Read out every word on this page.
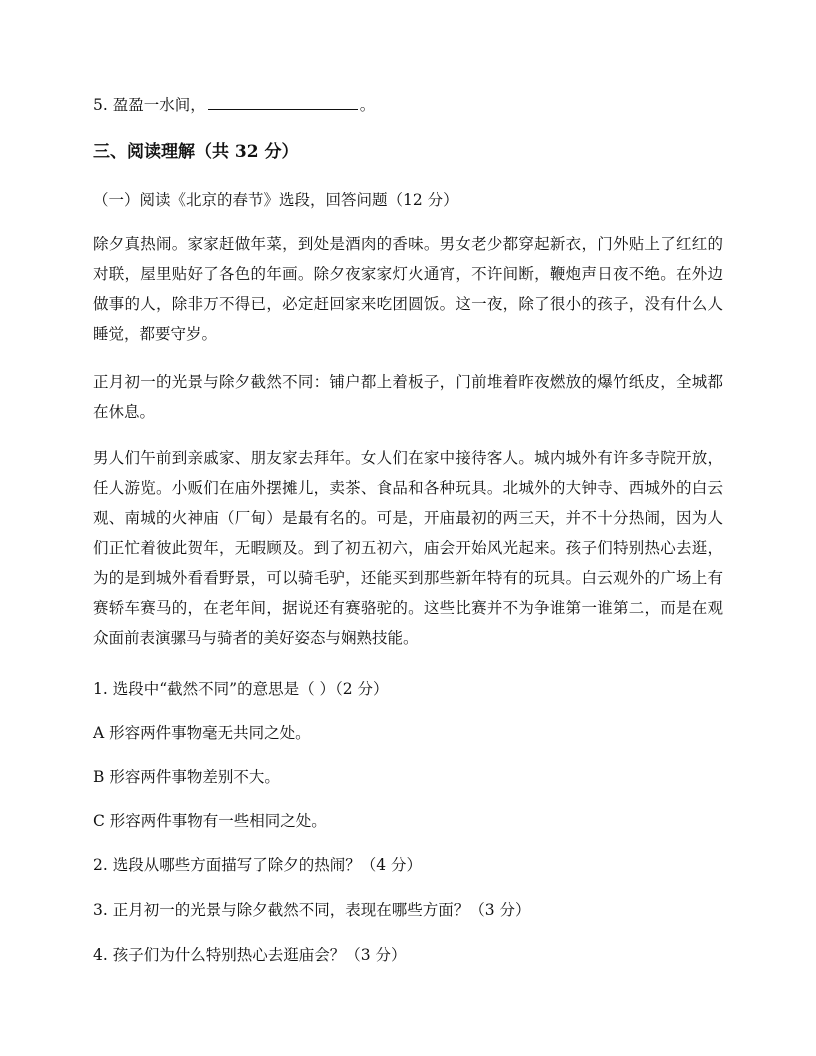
5. 盈盈一水间，	。
三、阅读理解（共 32 分）
（一）阅读《北京的春节》选段，回答问题（12 分）
除夕真热闹。家家赶做年菜，到处是酒肉的香味。男女老少都穿起新衣，门外贴上了红红的对联，屋里贴好了各色的年画。除夕夜家家灯火通宵，不许间断，鞭炮声日夜不绝。在外边做事的人，除非万不得已，必定赶回家来吃团圆饭。这一夜，除了很小的孩子，没有什么人睡觉，都要守岁。
正月初一的光景与除夕截然不同：铺户都上着板子，门前堆着昨夜燃放的爆竹纸皮，全城都在休息。
男人们午前到亲戚家、朋友家去拜年。女人们在家中接待客人。城内城外有许多寺院开放，任人游览。小贩们在庙外摆摊儿，卖茶、食品和各种玩具。北城外的大钟寺、西城外的白云观、南城的火神庙（厂甸）是最有名的。可是，开庙最初的两三天，并不十分热闹，因为人们正忙着彼此贺年，无暇顾及。到了初五初六，庙会开始风光起来。孩子们特别热心去逛，为的是到城外看看野景，可以骑毛驴，还能买到那些新年特有的玩具。白云观外的广场上有赛轿车赛马的，在老年间，据说还有赛骆驼的。这些比赛并不为争谁第一谁第二，而是在观众面前表演骡马与骑者的美好姿态与娴熟技能。
1. 选段中“截然不同”的意思是（ ）（2 分）
A 形容两件事物毫无共同之处。
B 形容两件事物差别不大。
C 形容两件事物有一些相同之处。
2. 选段从哪些方面描写了除夕的热闹？（4 分）
3. 正月初一的光景与除夕截然不同，表现在哪些方面？（3 分）
4. 孩子们为什么特别热心去逛庙会？（3 分）
